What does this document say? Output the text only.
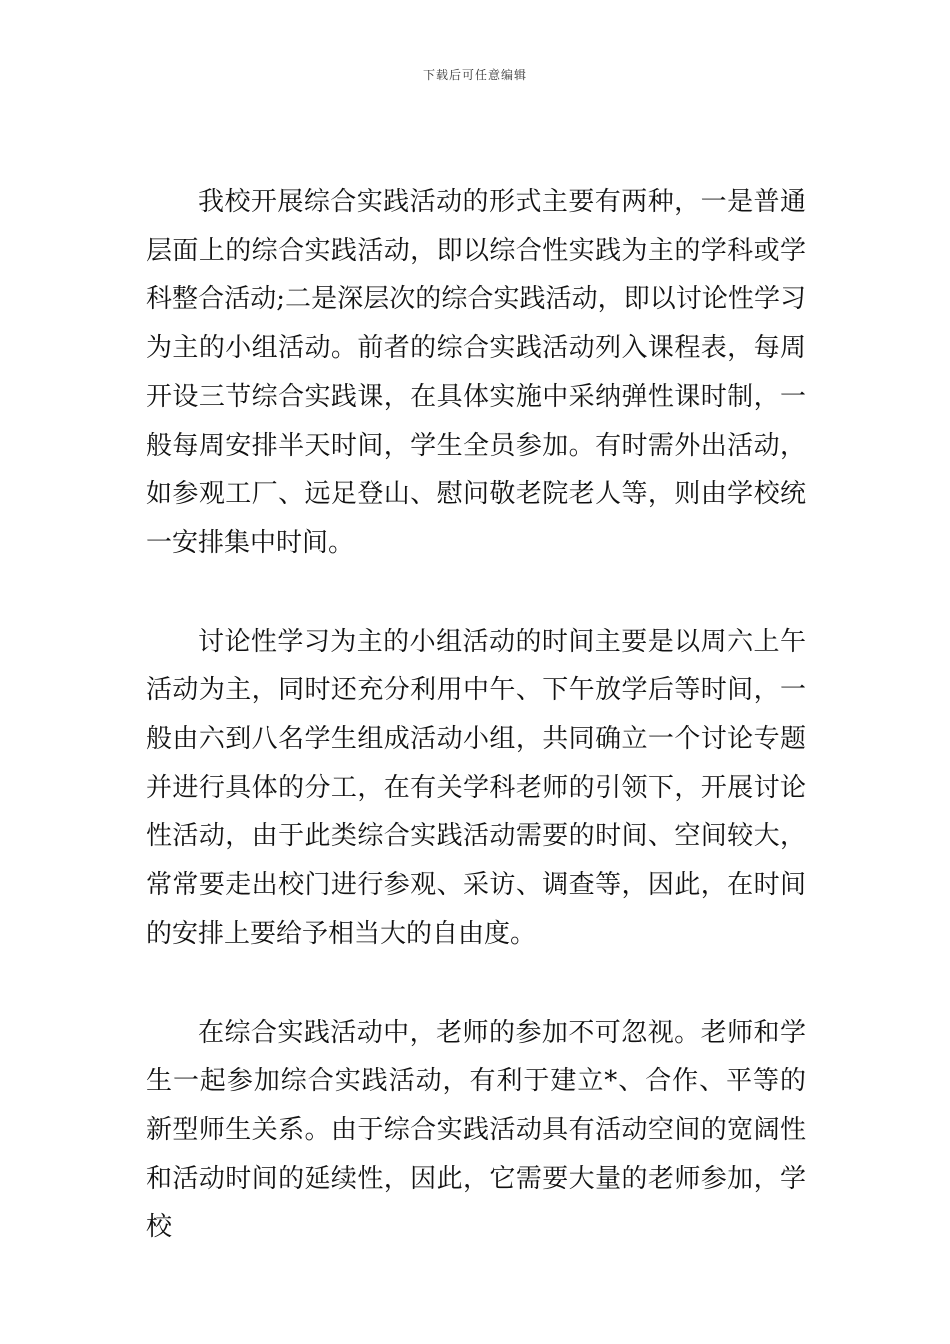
下载后可任意编辑

我校开展综合实践活动的形式主要有两种，一是普通层面上的综合实践活动，即以综合性实践为主的学科或学科整合活动;二是深层次的综合实践活动，即以讨论性学习为主的小组活动。前者的综合实践活动列入课程表，每周开设三节综合实践课，在具体实施中采纳弹性课时制，一般每周安排半天时间，学生全员参加。有时需外出活动，如参观工厂、远足登山、慰问敬老院老人等，则由学校统一安排集中时间。

讨论性学习为主的小组活动的时间主要是以周六上午活动为主，同时还充分利用中午、下午放学后等时间，一般由六到八名学生组成活动小组，共同确立一个讨论专题并进行具体的分工，在有关学科老师的引领下，开展讨论性活动，由于此类综合实践活动需要的时间、空间较大，常常要走出校门进行参观、采访、调查等，因此，在时间的安排上要给予相当大的自由度。

在综合实践活动中，老师的参加不可忽视。老师和学生一起参加综合实践活动，有利于建立*、合作、平等的新型师生关系。由于综合实践活动具有活动空间的宽阔性和活动时间的延续性，因此，它需要大量的老师参加，学校
